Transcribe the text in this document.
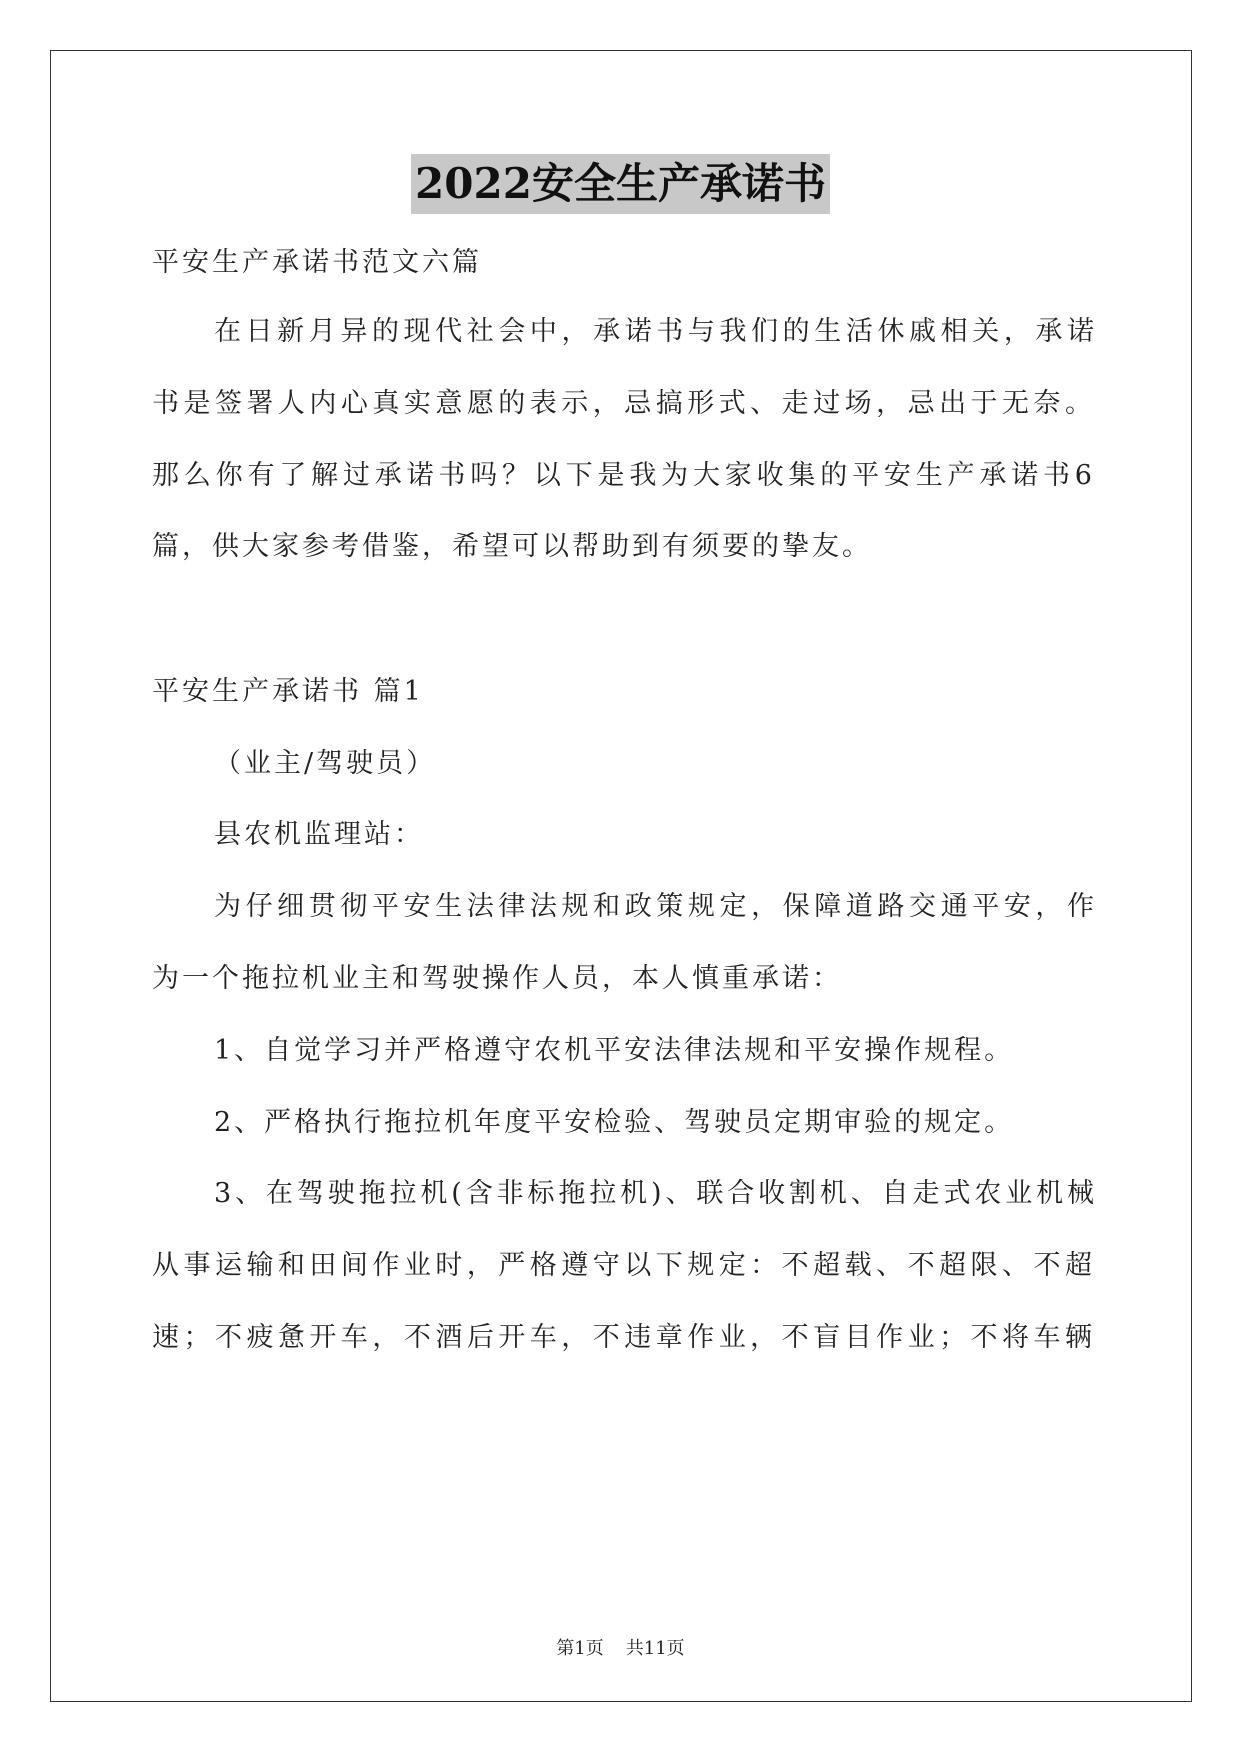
2022安全生产承诺书
平安生产承诺书范文六篇
在日新月异的现代社会中，承诺书与我们的生活休戚相关，承诺
书是签署人内心真实意愿的表示，忌搞形式、走过场，忌出于无奈。
那么你有了解过承诺书吗？以下是我为大家收集的平安生产承诺书6
篇，供大家参考借鉴，希望可以帮助到有须要的挚友。
平安生产承诺书 篇1
（业主/驾驶员）
县农机监理站：
为仔细贯彻平安生法律法规和政策规定，保障道路交通平安，作
为一个拖拉机业主和驾驶操作人员，本人慎重承诺：
1、自觉学习并严格遵守农机平安法律法规和平安操作规程。
2、严格执行拖拉机年度平安检验、驾驶员定期审验的规定。
3、在驾驶拖拉机(含非标拖拉机)、联合收割机、自走式农业机械
从事运输和田间作业时，严格遵守以下规定：不超载、不超限、不超
速；不疲惫开车，不酒后开车，不违章作业，不盲目作业；不将车辆
第1页 共11页
